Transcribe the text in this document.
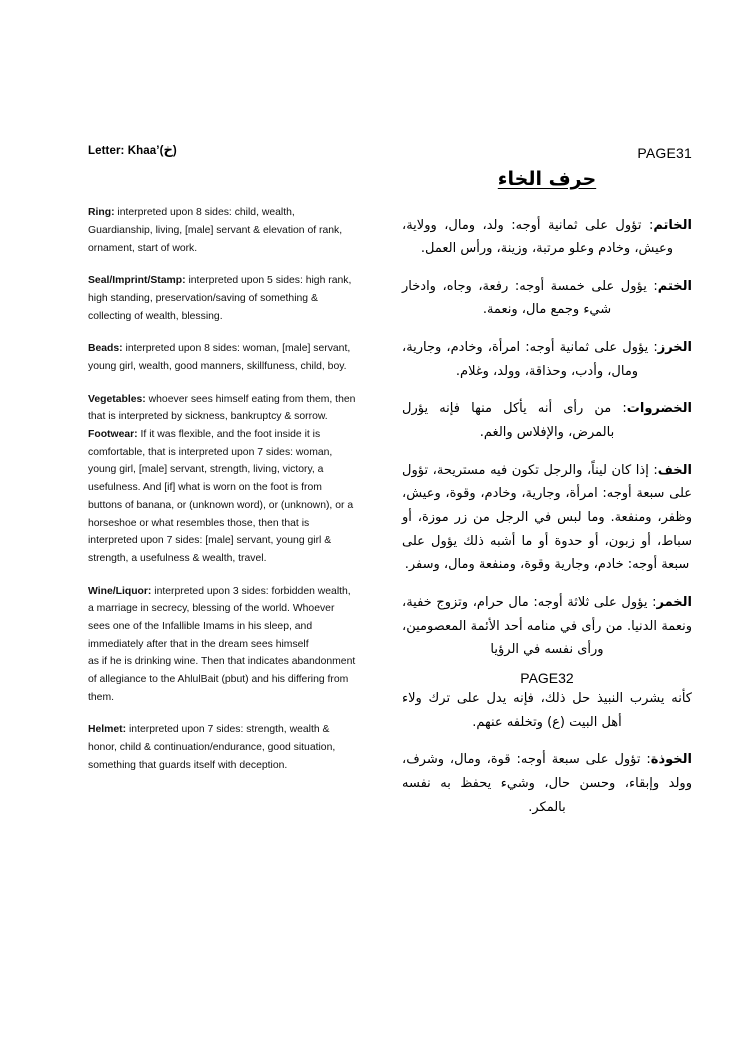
Letter: Khaa’(خ)

Ring: interpreted upon 8 sides: child, wealth, Guardianship, living, [male] servant & elevation of rank, ornament, start of work.

Seal/Imprint/Stamp: interpreted upon 5 sides: high rank, high standing, preservation/saving of something & collecting of wealth, blessing.

Beads: interpreted upon 8 sides: woman, [male] servant, young girl, wealth, good manners, skillfuness, child, boy.

Vegetables: whoever sees himself eating from them, then that is interpreted by sickness, bankruptcy & sorrow.

Footwear: If it was flexible, and the foot inside it is comfortable, that is interpreted upon 7 sides: woman, young girl, [male] servant, strength, living, victory, a usefulness. And [if] what is worn on the foot is from buttons of banana, or (unknown word), or (unknown), or a horseshoe or what resembles those, then that is interpreted upon 7 sides: [male] servant, young girl & strength, a usefulness & wealth, travel.

Wine/Liquor: interpreted upon 3 sides: forbidden wealth, a marriage in secrecy, blessing of the world. Whoever sees one of the Infallible Imams in his sleep, and immediately after that in the dream sees himself

as if he is drinking wine. Then that indicates abandonment of allegiance to the AhlulBait (pbut) and his differing from them.

Helmet: interpreted upon 7 sides: strength, wealth & honor, child & continuation/endurance, good situation, something that guards itself with deception.

PAGE31
حرف الخاء

الخاتم: تؤول على ثمانية أوجه: ولد، ومال، وولاية، وعيش، وخادم وعلو مرتبة، وزينة، ورأس العمل.

الختم: يؤول على خمسة أوجه: رفعة، وجاه، وادخار شيء وجمع مال، ونعمة.

الخرز: يؤول على ثمانية أوجه: امرأة، وخادم، وجارية، ومال، وأدب، وحذاقة، وولد، وغلام.

الخضروات: من رأى أنه يأكل منها فإنه يؤرل بالمرض، والإفلاس والغم.

الخف: إذا كان ليناً، والرجل تكون فيه مستريحة، تؤول على سبعة أوجه: امرأة، وجارية، وخادم، وقوة، وعيش، وظفر، ومنفعة. وما لبس في الرجل من زر موزة، أو سباط، أو زبون، أو حدوة أو ما أشبه ذلك يؤول على سبعة أوجه: خادم، وجارية وقوة، ومنفعة ومال، وسفر.

الخمر: يؤول على ثلاثة أوجه: مال حرام، وتزوج خفية، ونعمة الدنيا. من رأى في منامه أحد الأئمة المعصومين، ورأى نفسه في الرؤيا

PAGE32

كأنه يشرب النبيذ حل ذلك، فإنه يدل على ترك ولاء أهل البيت (ع) وتخلفه عنهم.

الخوذة: تؤول على سبعة أوجه: قوة، ومال، وشرف، وولد وإبقاء، وحسن حال، وشيء يحفظ به نفسه بالمكر.
